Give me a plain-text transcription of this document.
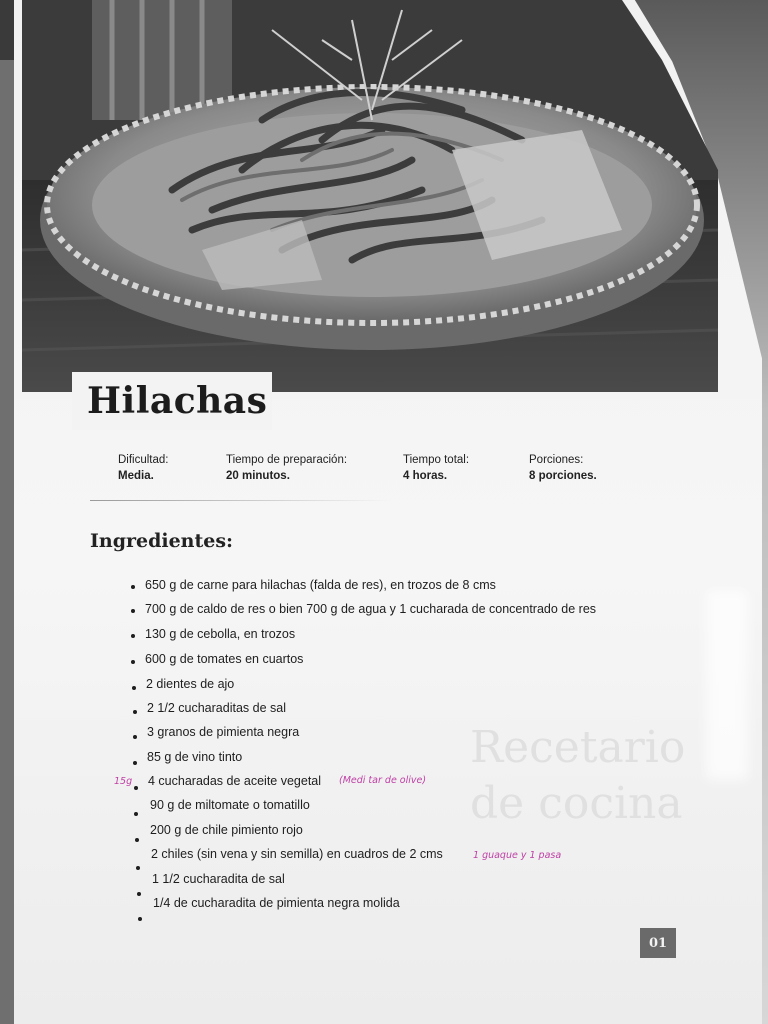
Hilachas
Dificultad:
Media.
Tiempo de preparación:
20 minutos.
Tiempo total:
4 horas.
Porciones:
8 porciones.
Ingredientes:
Recetario
de cocina
650 g de carne para hilachas (falda de res), en trozos de 8 cms
700 g de caldo de res o bien 700 g de agua y 1 cucharada de concentrado de res
130 g de cebolla, en trozos
600 g de tomates en cuartos
2 dientes de ajo
2 1/2 cucharaditas de sal
3 granos de pimienta negra
85 g de vino tinto
4 cucharadas de aceite vegetal
90 g de miltomate o tomatillo
200 g de chile pimiento rojo
2 chiles (sin vena y sin semilla) en cuadros de 2 cms
1 1/2 cucharadita de sal
1/4 de cucharadita de pimienta negra molida
15g	(Medi tar de olive)
1 guaque y 1 pasa
01
